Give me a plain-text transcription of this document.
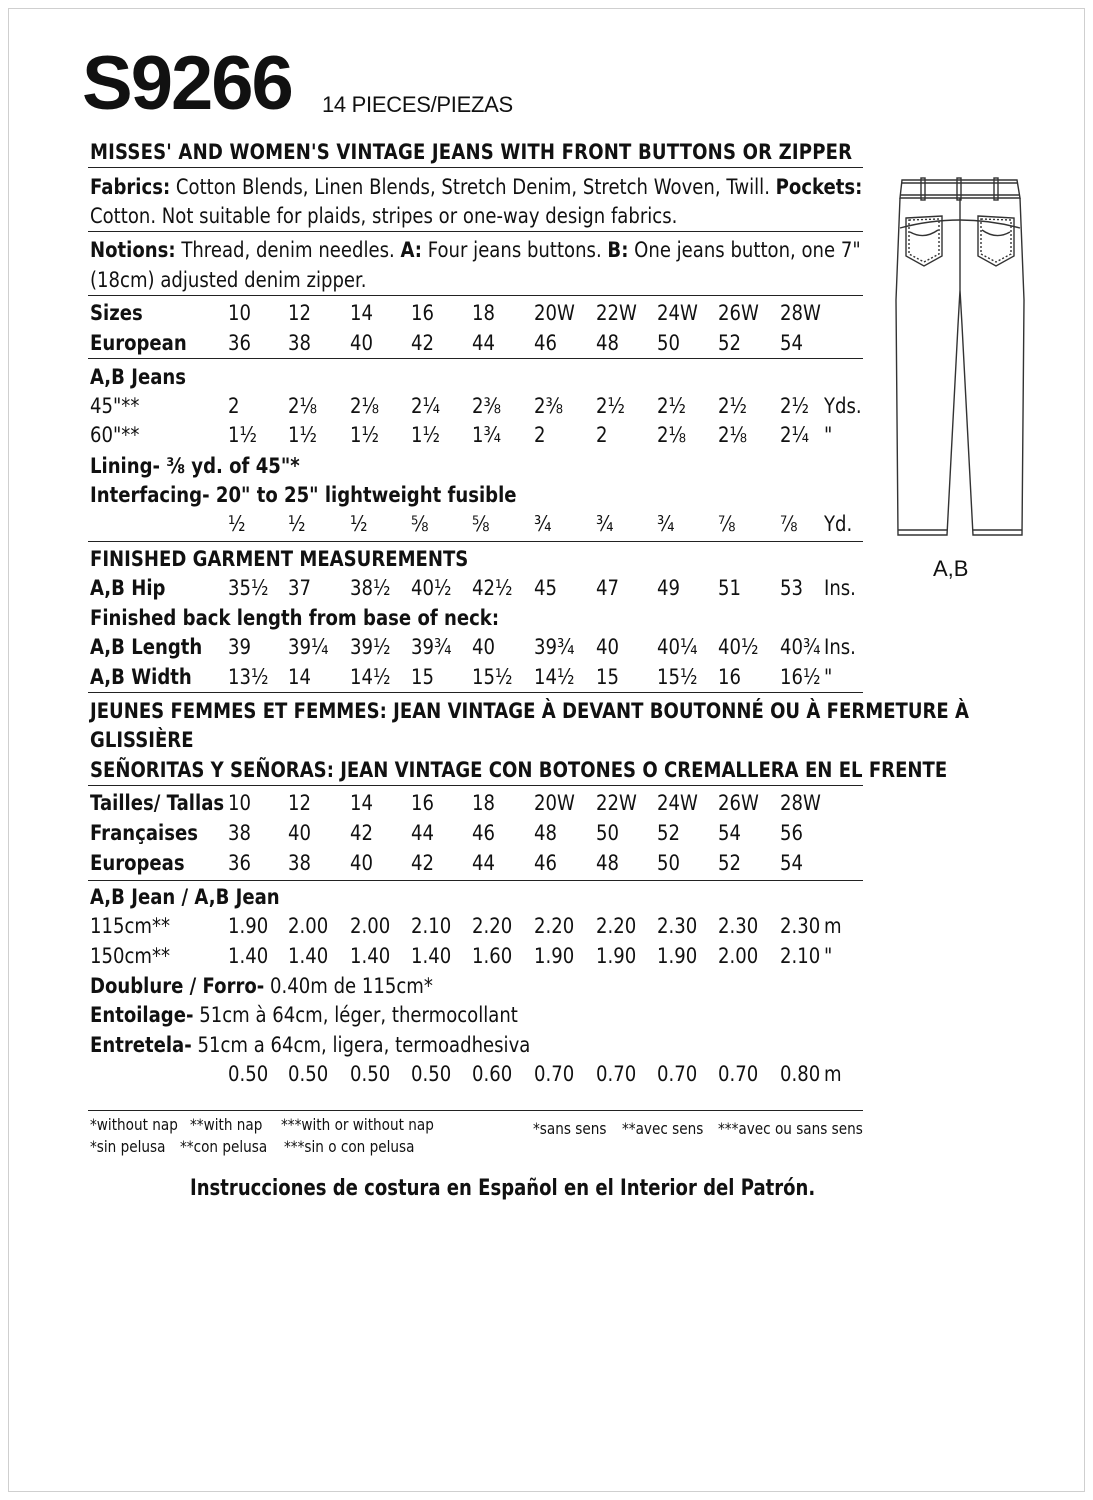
S9266 14 PIECES/PIEZAS
MISSES' AND WOMEN'S VINTAGE JEANS WITH FRONT BUTTONS OR ZIPPER
Fabrics: Cotton Blends, Linen Blends, Stretch Denim, Stretch Woven, Twill. Pockets:
Cotton. Not suitable for plaids, stripes or one-way design fabrics.
Notions: Thread, denim needles. A: Four jeans buttons. B: One jeans button, one 7"
(18cm) adjusted denim zipper.
Sizes	10 12 14 16 18 20W 22W 24W 26W 28W
European 36 38 40 42 44 46 48 50 52 54
A,B Jeans
45"**	2 2⅛ 2⅛ 2¼ 2⅜ 2⅜ 2½ 2½ 2½ 2½ Yds.
60"**	1½ 1½ 1½ 1½ 1¾ 2 2 2⅛ 2⅛ 2¼ "
Lining- ⅜ yd. of 45"*
Interfacing- 20" to 25" lightweight fusible
½ ½ ½ ⅝ ⅝ ¾ ¾ ¾ ⅞ ⅞ Yd.
FINISHED GARMENT MEASUREMENTS
A,B Hip	35½ 37 38½ 40½ 42½ 45 47 49 51 53 Ins.
Finished back length from base of neck:
A,B Length 39 39¼ 39½ 39¾ 40 39¾ 40 40¼ 40½ 40¾ Ins.
A,B Width 13½ 14 14½ 15 15½ 14½ 15 15½ 16 16½ "
JEUNES FEMMES ET FEMMES: JEAN VINTAGE À DEVANT BOUTONNÉ OU À FERMETURE À
GLISSIÈRE
SEÑORITAS Y SEÑORAS: JEAN VINTAGE CON BOTONES O CREMALLERA EN EL FRENTE
Tailles/ Tallas 10 12 14 16 18 20W 22W 24W 26W 28W
Françaises 38 40 42 44 46 48 50 52 54 56
Europeas 36 38 40 42 44 46 48 50 52 54
A,B Jean / A,B Jean
115cm**	1.90 2.00 2.00 2.10 2.20 2.20 2.20 2.30 2.30 2.30 m
150cm**	1.40 1.40 1.40 1.40 1.60 1.90 1.90 1.90 2.00 2.10 "
Doublure / Forro- 0.40m de 115cm*
Entoilage- 51cm à 64cm, léger, thermocollant
Entretela- 51cm a 64cm, ligera, termoadhesiva
0.50 0.50 0.50 0.50 0.60 0.70 0.70 0.70 0.70 0.80 m
*without nap **with nap ***with or without nap
*sin pelusa **con pelusa ***sin o con pelusa
*sans sens **avec sens ***avec ou sans sens
Instrucciones de costura en Español en el Interior del Patrón.
A,B
